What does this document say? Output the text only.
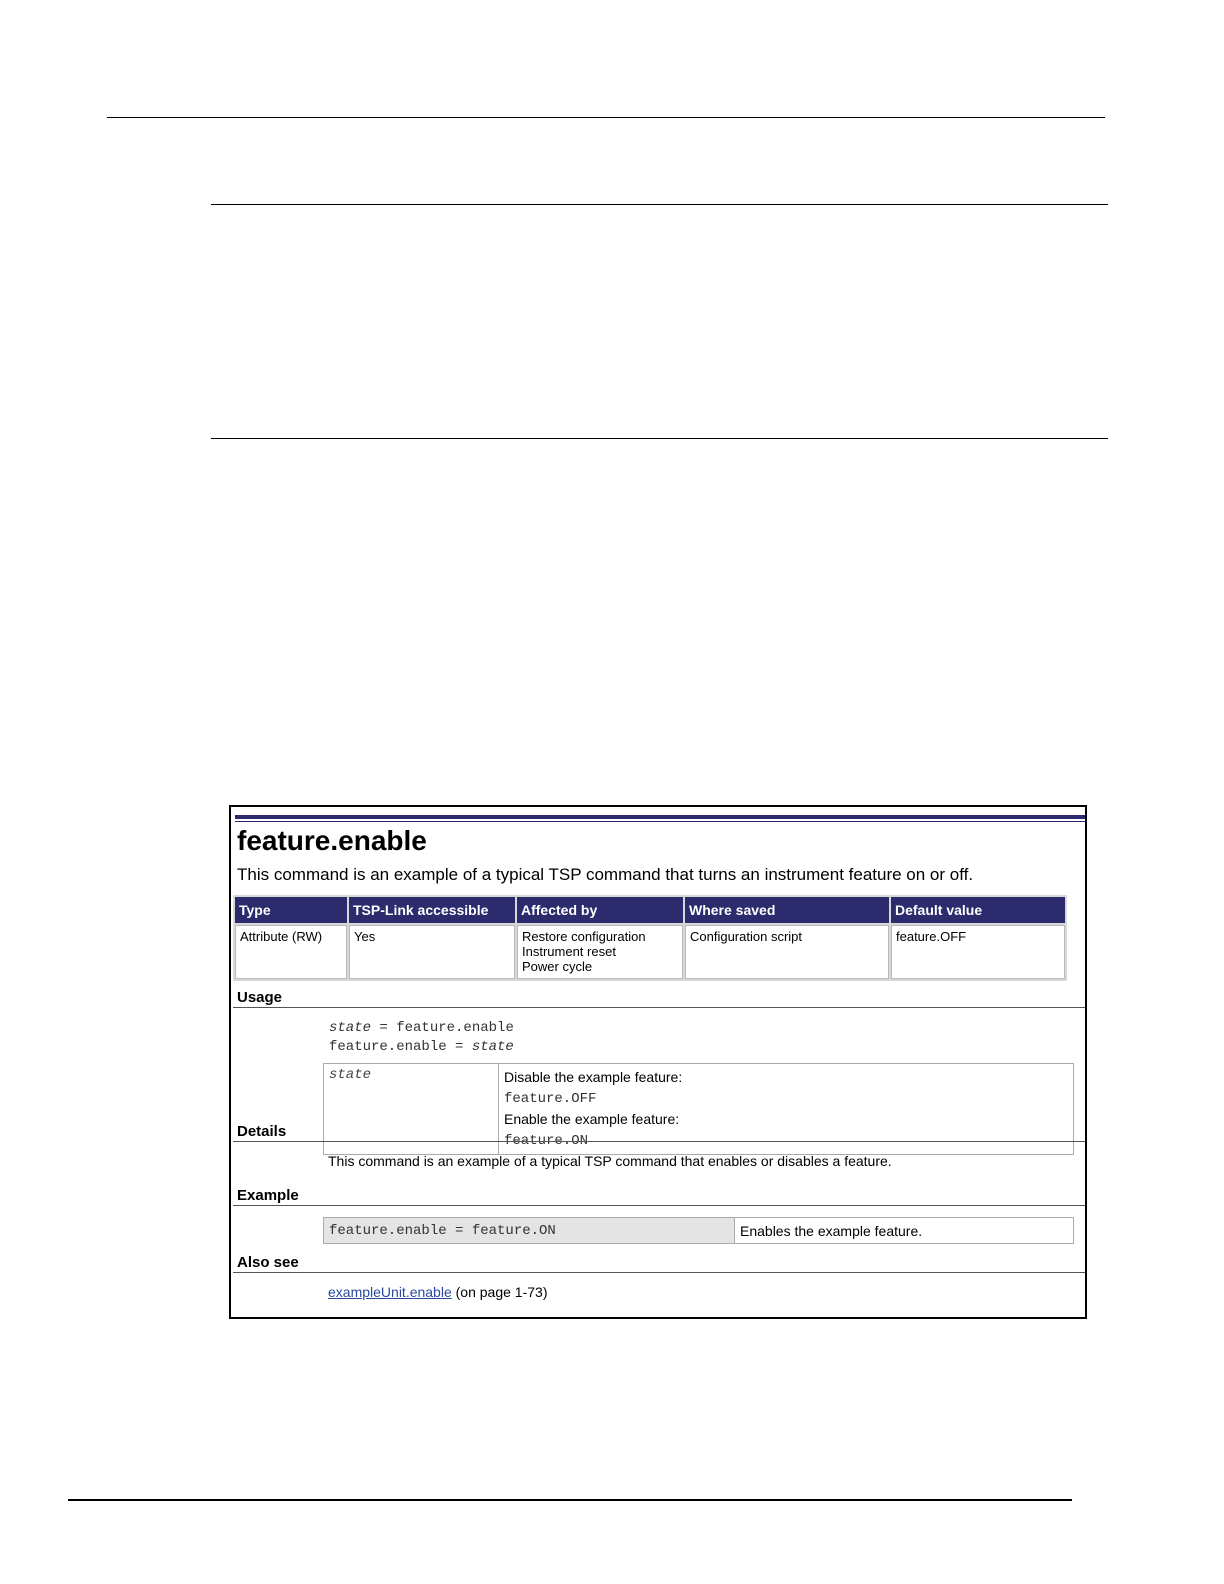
feature.enable

This command is an example of a typical TSP command that turns an instrument feature on or off.

Type	TSP-Link accessible	Affected by	Where saved	Default value
Attribute (RW)	Yes	Restore configuration
Instrument reset
Power cycle	Configuration script	feature.OFF
Usage
state = feature.enable
feature.enable = state
state	Disable the example feature:
feature.OFF
Enable the example feature:
feature.ON
Details

This command is an example of a typical TSP command that enables or disables a feature.

Example
feature.enable = feature.ON	Enables the example feature.
Also see

exampleUnit.enable (on page 1-73)
